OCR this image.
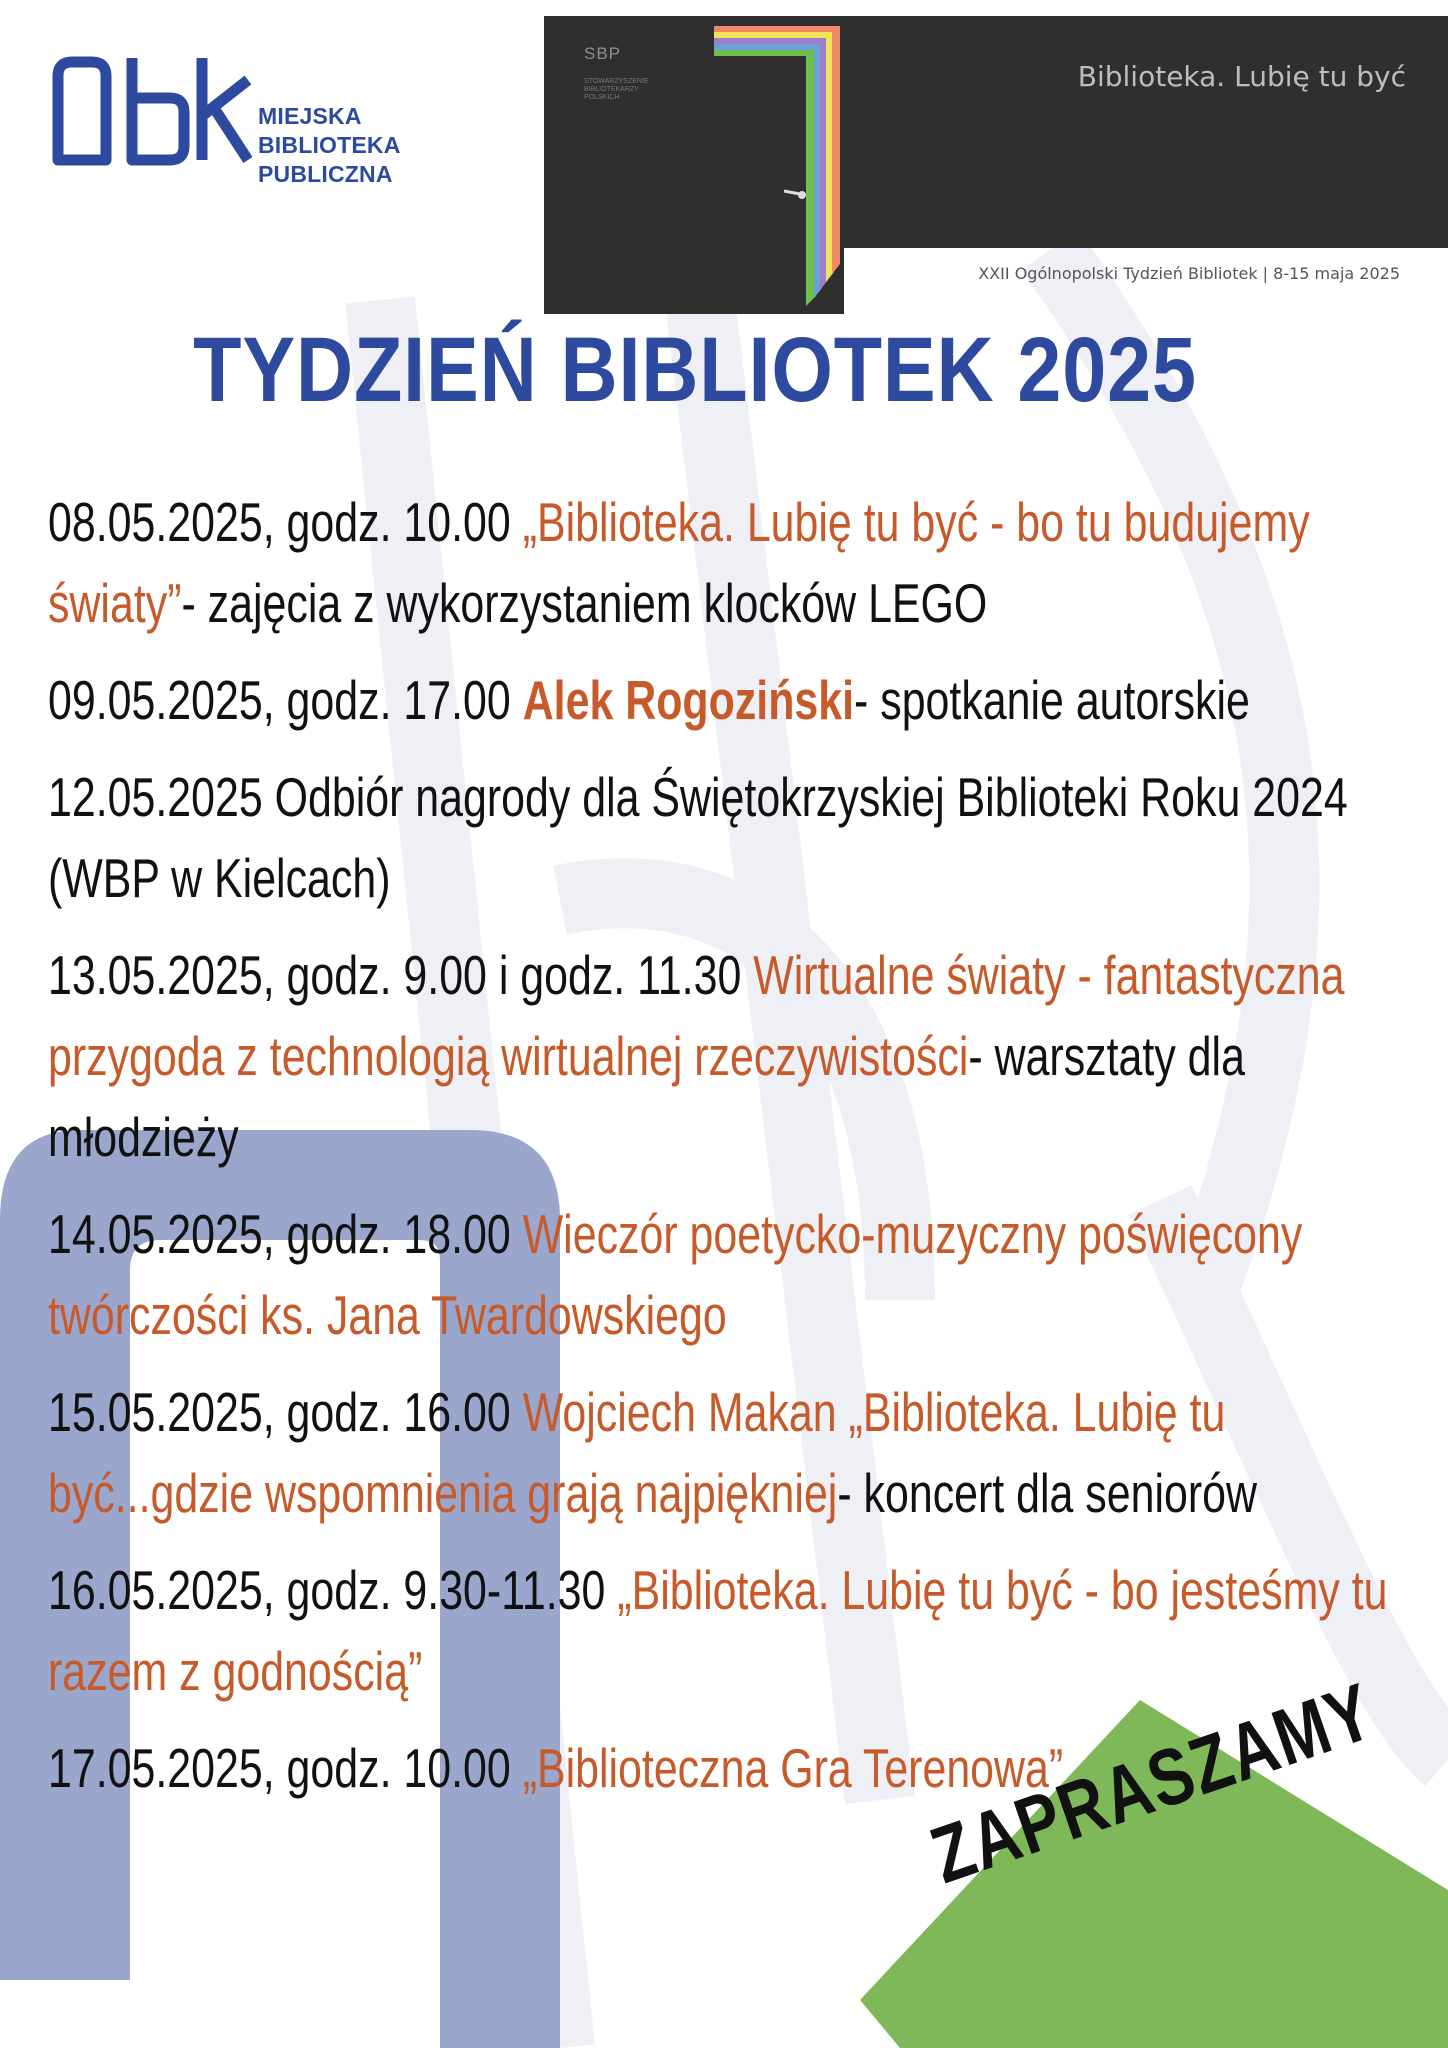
MIEJSKA BIBLIOTEKA
PUBLICZNA
SBP
STOWARZYSZENIE BIBLIOTEKARZY POLSKICH
Biblioteka. Lubię tu być
XXII Ogólnopolski Tydzień Bibliotek | 8-15 maja 2025
TYDZIEŃ BIBLIOTEK 2025
08.05.2025, godz. 10.00 „Biblioteka. Lubię tu być - bo tu budujemy światy”- zajęcia z wykorzystaniem klocków LEGO
09.05.2025, godz. 17.00 Alek Rogoziński- spotkanie autorskie
12.05.2025 Odbiór nagrody dla Świętokrzyskiej Biblioteki Roku 2024 (WBP w Kielcach)
13.05.2025, godz. 9.00 i godz. 11.30 Wirtualne światy - fantastyczna przygoda z technologią wirtualnej rzeczywistości- warsztaty dla młodzieży
14.05.2025, godz. 18.00 Wieczór poetycko-muzyczny poświęcony twórczości ks. Jana Twardowskiego
15.05.2025, godz. 16.00 Wojciech Makan „Biblioteka. Lubię tu być...gdzie wspomnienia grają najpiękniej- koncert dla seniorów
16.05.2025, godz. 9.30-11.30 „Biblioteka. Lubię tu być - bo jesteśmy tu razem z godnością”
17.05.2025, godz. 10.00 „Biblioteczna Gra Terenowa”
ZAPRASZAMY
